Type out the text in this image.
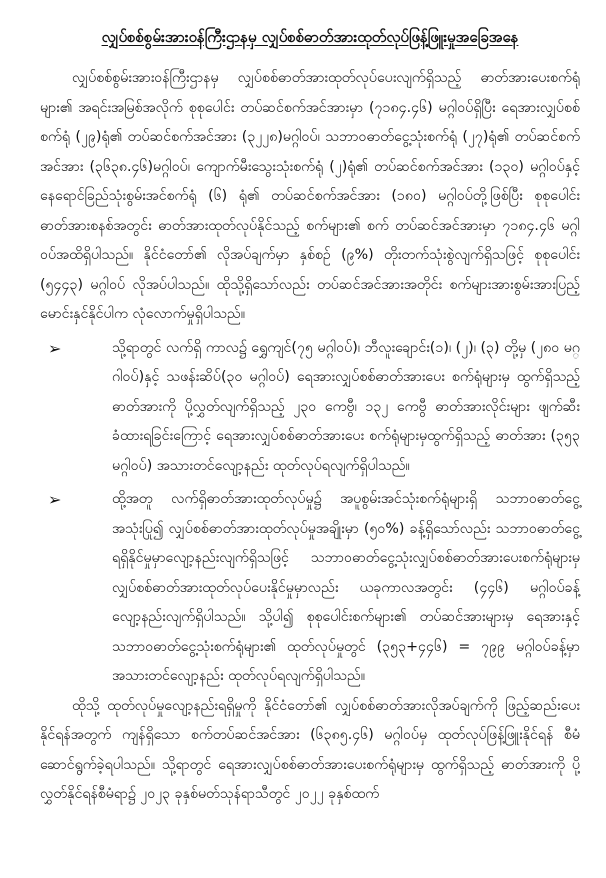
လျှပ်စစ်စွမ်းအားဝန်ကြီးဌာနမှ လျှပ်စစ်ဓာတ်အားထုတ်လုပ်ဖြန့်ဖြူးမှုအခြေအနေ

လျှပ်စစ်စွမ်းအားဝန်ကြီးဌာနမှ လျှပ်စစ်ဓာတ်အားထုတ်လုပ်ပေးလျက်ရှိသည့် ဓာတ်အားပေးစက်ရုံများ၏ အရင်းအမြစ်အလိုက် စုစုပေါင်း တပ်ဆင်စက်အင်အားမှာ (၇၁၈၄.၄၆) မဂ္ဂါဝပ်ရှိပြီး ရေအားလျှပ်စစ်စက်ရုံ (၂၉)ရုံ၏ တပ်ဆင်စက်အင်အား (၃၂၂၈)မဂ္ဂါဝပ်၊ သဘာဝဓာတ်ငွေ့သုံးစက်ရုံ (၂၇)ရုံ၏ တပ်ဆင်စက်အင်အား (၃၆၃၈.၄၆)မဂ္ဂါဝပ်၊ ကျောက်မီးသွေးသုံးစက်ရုံ (၂)ရုံ၏ တပ်ဆင်စက်အင်အား (၁၃၀) မဂ္ဂါဝပ်နှင့် နေရောင်ခြည်သုံးစွမ်းအင်စက်ရုံ (၆) ရုံ၏ တပ်ဆင်စက်အင်အား (၁၈၀) မဂ္ဂါဝပ်တို့ဖြစ်ပြီး စုစုပေါင်းဓာတ်အားစနစ်အတွင်း ဓာတ်အားထုတ်လုပ်နိုင်သည့် စက်များ၏ စက် တပ်ဆင်အင်အားမှာ ၇၁၈၄.၄၆ မဂ္ဂါဝပ်အထိရှိပါသည်။ နိုင်ငံတော်၏ လိုအပ်ချက်မှာ နှစ်စဉ် (၉%) တိုးတက်သုံးစွဲလျက်ရှိသဖြင့် စုစုပေါင်း (၅၄၄၃) မဂ္ဂါဝပ် လိုအပ်ပါသည်။ ထိုသို့ရှိသော်လည်း တပ်ဆင်အင်အားအတိုင်း စက်များအားစွမ်းအားပြည့်မောင်းနှင်နိုင်ပါက လုံလောက်မှုရှိပါသည်။

➢	သို့ရာတွင် လက်ရှိ ကာလ၌ ရွှေကျင်(၇၅ မဂ္ဂါဝပ်)၊ ဘီလူးချောင်း(၁)၊ (၂)၊ (၃) တို့မှ (၂၈၀ မဂ္ဂါဝပ်)နှင့် သဖန်းဆိပ်(၃၀ မဂ္ဂါဝပ်) ရေအားလျှပ်စစ်ဓာတ်အားပေး စက်ရုံများမှ ထွက်ရှိသည့်ဓာတ်အားကို ပို့လွှတ်လျက်ရှိသည့် ၂၃၀ ကေဗွီ၊ ၁၃၂ ကေဗွီ ဓာတ်အားလိုင်းများ ဖျက်ဆီးခံထားရခြင်းကြောင့် ရေအားလျှပ်စစ်ဓာတ်အားပေး စက်ရုံများမှထွက်ရှိသည့် ဓာတ်အား (၃၅၃ မဂ္ဂါဝပ်) အသားတင်လျော့နည်း ထုတ်လုပ်ရလျက်ရှိပါသည်။

➢	ထို့အတူ လက်ရှိဓာတ်အားထုတ်လုပ်မှု၌ အပူစွမ်းအင်သုံးစက်ရုံများရှိ သဘာဝဓာတ်ငွေ့ အသုံးပြု၍ လျှပ်စစ်ဓာတ်အားထုတ်လုပ်မှုအချိုးမှာ (၅၀%) ခန့်ရှိသော်လည်း သဘာဝဓာတ်ငွေ့ ရရှိနိုင်မှုမှာလျော့နည်းလျက်ရှိသဖြင့် သဘာဝဓာတ်ငွေ့သုံးလျှပ်စစ်ဓာတ်အားပေးစက်ရုံများမှ လျှပ်စစ်ဓာတ်အားထုတ်လုပ်ပေးနိုင်မှုမှာလည်း ယခုကာလအတွင်း (၄၄၆) မဂ္ဂါဝပ်ခန့် လျော့နည်းလျက်ရှိပါသည်။ သို့ပါ၍ စုစုပေါင်းစက်များ၏ တပ်ဆင်အားများမှ ရေအားနှင့် သဘာဝဓာတ်ငွေ့သုံးစက်ရုံများ၏ ထုတ်လုပ်မှုတွင် (၃၅၃+၄၄၆) = ၇၉၉ မဂ္ဂါဝပ်ခန့်မှာ အသားတင်လျော့နည်း ထုတ်လုပ်ရလျက်ရှိပါသည်။

ထိုသို့ ထုတ်လုပ်မှုလျော့နည်းရရှိမှုကို နိုင်ငံတော်၏ လျှပ်စစ်ဓာတ်အားလိုအပ်ချက်ကို ဖြည့်ဆည်းပေးနိုင်ရန်အတွက် ကျန်ရှိသော စက်တပ်ဆင်အင်အား (၆၃၈၅.၄၆) မဂ္ဂါဝပ်မှ ထုတ်လုပ်ဖြန့်ဖြူးနိုင်ရန် စီမံဆောင်ရွက်ခဲ့ရပါသည်။ သို့ရာတွင် ရေအားလျှပ်စစ်ဓာတ်အားပေးစက်ရုံများမှ ထွက်ရှိသည့် ဓာတ်အားကို ပို့လွှတ်နိုင်ရန်စီမံရာ၌ ၂၀၂၃ ခုနှစ်မတ်သုန်ရာသီတွင် ၂၀၂၂ ခုနှစ်ထက်
